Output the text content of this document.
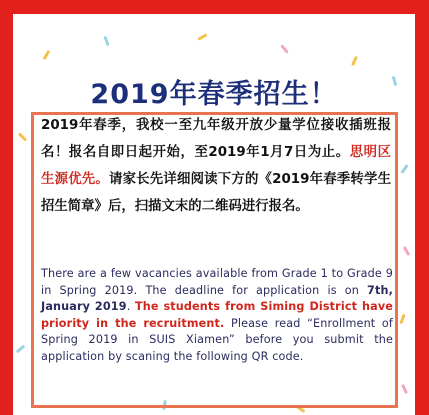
2019年春季招生！
2019年春季，我校一至九年级开放少量学位接收插班报名！报名自即日起开始，至2019年1月7日为止。思明区生源优先。请家长先详细阅读下方的《2019年春季转学生招生简章》后，扫描文末的二维码进行报名。
There are a few vacancies available from Grade 1 to Grade 9 in Spring 2019. The deadline for application is on 7th, January 2019. The students from Siming District have priority in the recruitment. Please read “Enrollment of Spring 2019 in SUIS Xiamen” before you submit the application by scaning the following QR code.
